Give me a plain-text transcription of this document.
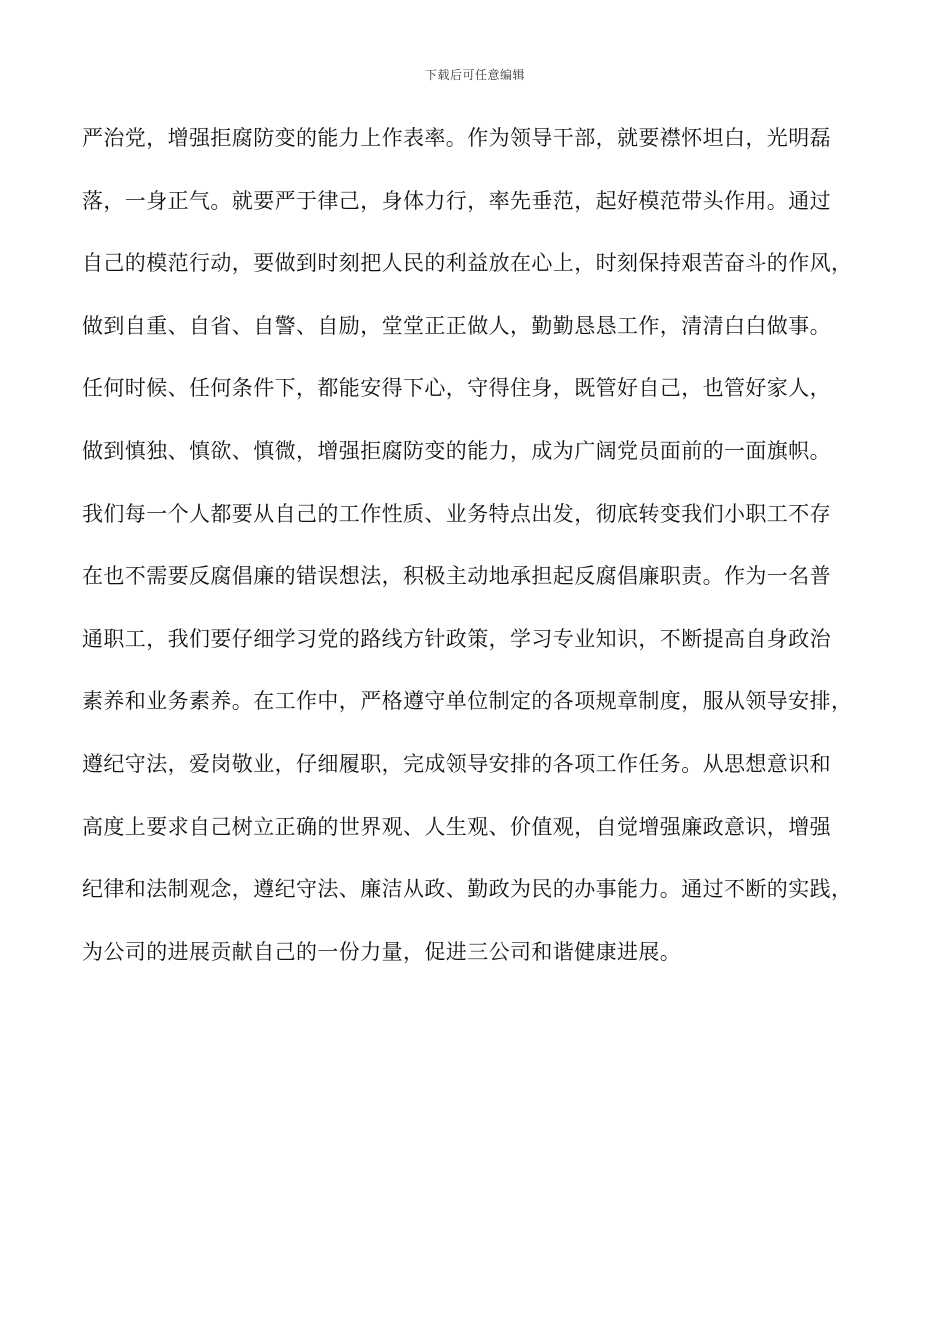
下载后可任意编辑
严治党，增强拒腐防变的能力上作表率。作为领导干部，就要襟怀坦白，光明磊
落，一身正气。就要严于律己，身体力行，率先垂范，起好模范带头作用。通过
自己的模范行动，要做到时刻把人民的利益放在心上，时刻保持艰苦奋斗的作风，
做到自重、自省、自警、自励，堂堂正正做人，勤勤恳恳工作，清清白白做事。
任何时候、任何条件下，都能安得下心，守得住身，既管好自己，也管好家人，
做到慎独、慎欲、慎微，增强拒腐防变的能力，成为广阔党员面前的一面旗帜。
我们每一个人都要从自己的工作性质、业务特点出发，彻底转变我们小职工不存
在也不需要反腐倡廉的错误想法，积极主动地承担起反腐倡廉职责。作为一名普
通职工，我们要仔细学习党的路线方针政策，学习专业知识，不断提高自身政治
素养和业务素养。在工作中，严格遵守单位制定的各项规章制度，服从领导安排，
遵纪守法，爱岗敬业，仔细履职，完成领导安排的各项工作任务。从思想意识和
高度上要求自己树立正确的世界观、人生观、价值观，自觉增强廉政意识，增强
纪律和法制观念，遵纪守法、廉洁从政、勤政为民的办事能力。通过不断的实践，
为公司的进展贡献自己的一份力量，促进三公司和谐健康进展。
